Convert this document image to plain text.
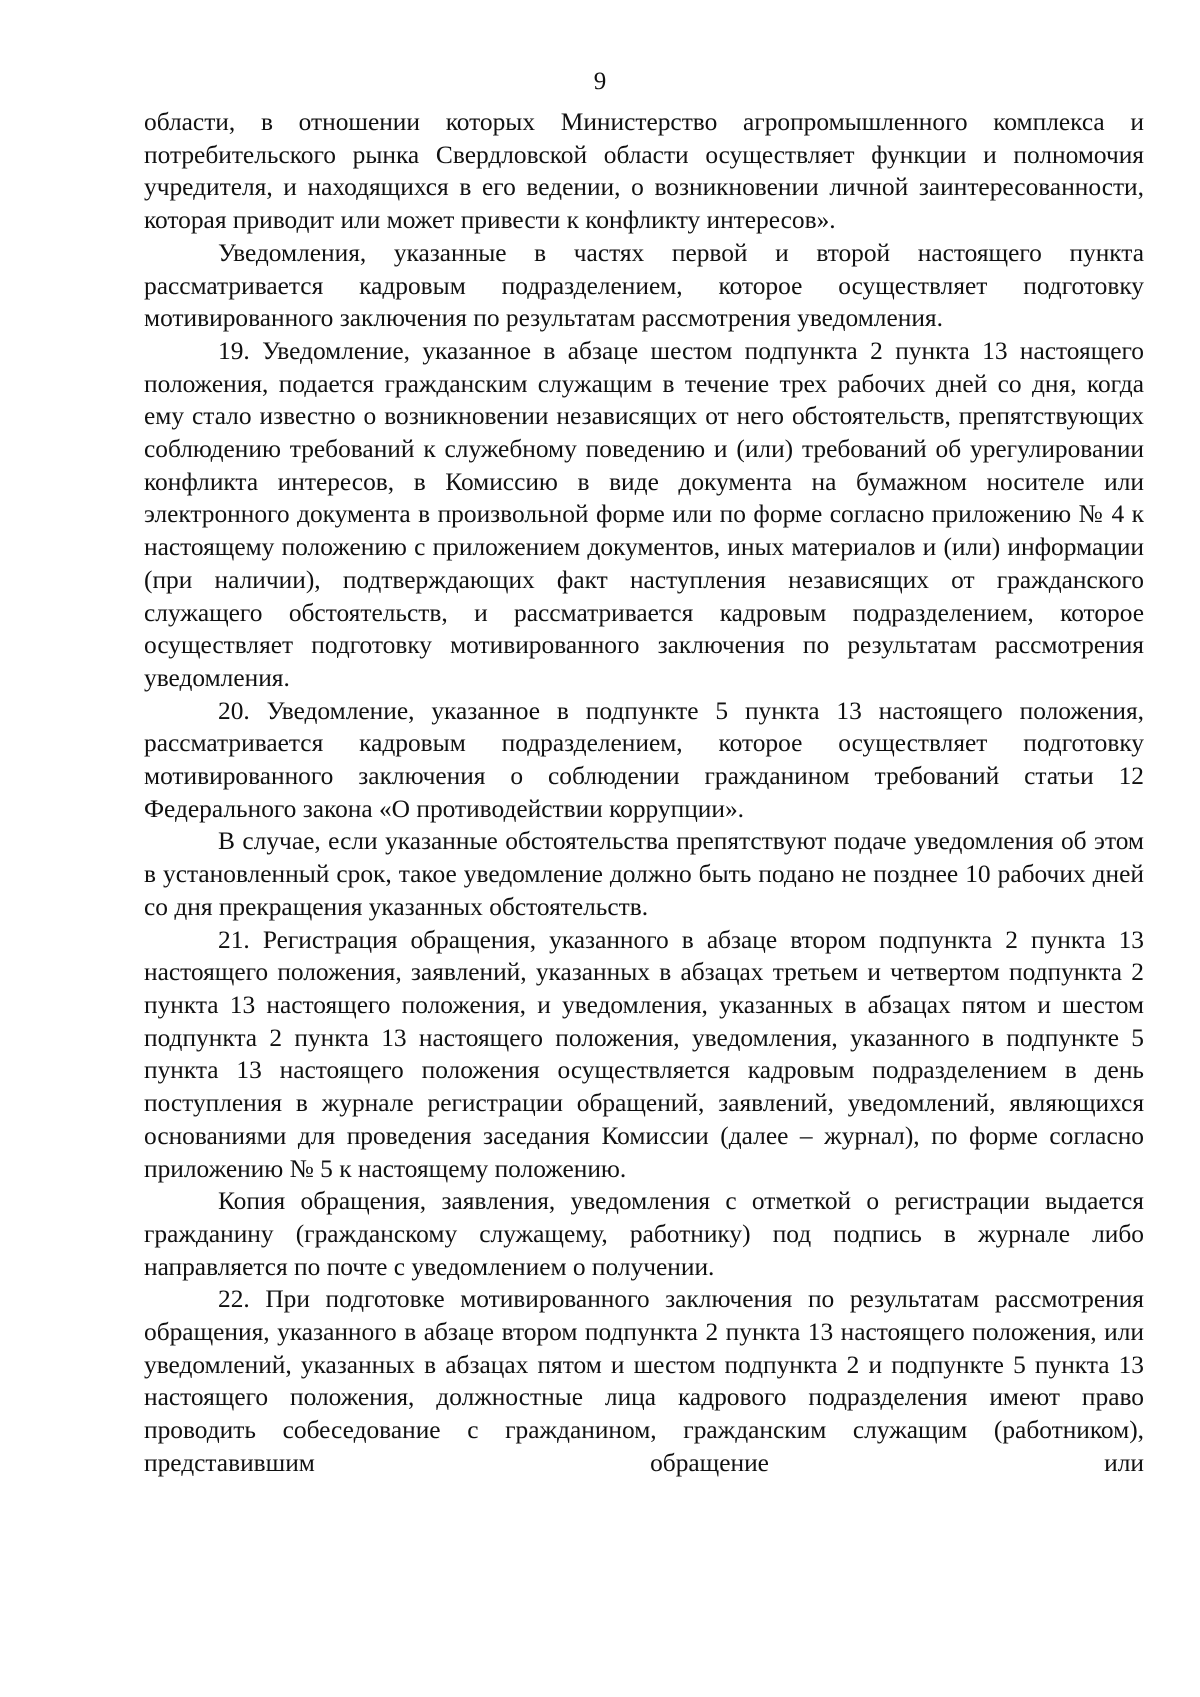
9

области, в отношении которых Министерство агропромышленного комплекса и потребительского рынка Свердловской области осуществляет функции и полномочия учредителя, и находящихся в его ведении, о возникновении личной заинтересованности, которая приводит или может привести к конфликту интересов».

Уведомления, указанные в частях первой и второй настоящего пункта рассматривается кадровым подразделением, которое осуществляет подготовку мотивированного заключения по результатам рассмотрения уведомления.

19. Уведомление, указанное в абзаце шестом подпункта 2 пункта 13 настоящего положения, подается гражданским служащим в течение трех рабочих дней со дня, когда ему стало известно о возникновении независящих от него обстоятельств, препятствующих соблюдению требований к служебному поведению и (или) требований об урегулировании конфликта интересов, в Комиссию в виде документа на бумажном носителе или электронного документа в произвольной форме или по форме согласно приложению № 4 к настоящему положению с приложением документов, иных материалов и (или) информации (при наличии), подтверждающих факт наступления независящих от гражданского служащего обстоятельств, и рассматривается кадровым подразделением, которое осуществляет подготовку мотивированного заключения по результатам рассмотрения уведомления.

20. Уведомление, указанное в подпункте 5 пункта 13 настоящего положения, рассматривается кадровым подразделением, которое осуществляет подготовку мотивированного заключения о соблюдении гражданином требований статьи 12 Федерального закона «О противодействии коррупции».

В случае, если указанные обстоятельства препятствуют подаче уведомления об этом в установленный срок, такое уведомление должно быть подано не позднее 10 рабочих дней со дня прекращения указанных обстоятельств.

21. Регистрация обращения, указанного в абзаце втором подпункта 2 пункта 13 настоящего положения, заявлений, указанных в абзацах третьем и четвертом подпункта 2 пункта 13 настоящего положения, и уведомления, указанных в абзацах пятом и шестом подпункта 2 пункта 13 настоящего положения, уведомления, указанного в подпункте 5 пункта 13 настоящего положения осуществляется кадровым подразделением в день поступления в журнале регистрации обращений, заявлений, уведомлений, являющихся основаниями для проведения заседания Комиссии (далее – журнал), по форме согласно приложению № 5 к настоящему положению.

Копия обращения, заявления, уведомления с отметкой о регистрации выдается гражданину (гражданскому служащему, работнику) под подпись в журнале либо направляется по почте с уведомлением о получении.

22. При подготовке мотивированного заключения по результатам рассмотрения обращения, указанного в абзаце втором подпункта 2 пункта 13 настоящего положения, или уведомлений, указанных в абзацах пятом и шестом подпункта 2 и подпункте 5 пункта 13 настоящего положения, должностные лица кадрового подразделения имеют право проводить собеседование с гражданином, гражданским служащим (работником), представившим обращение или
